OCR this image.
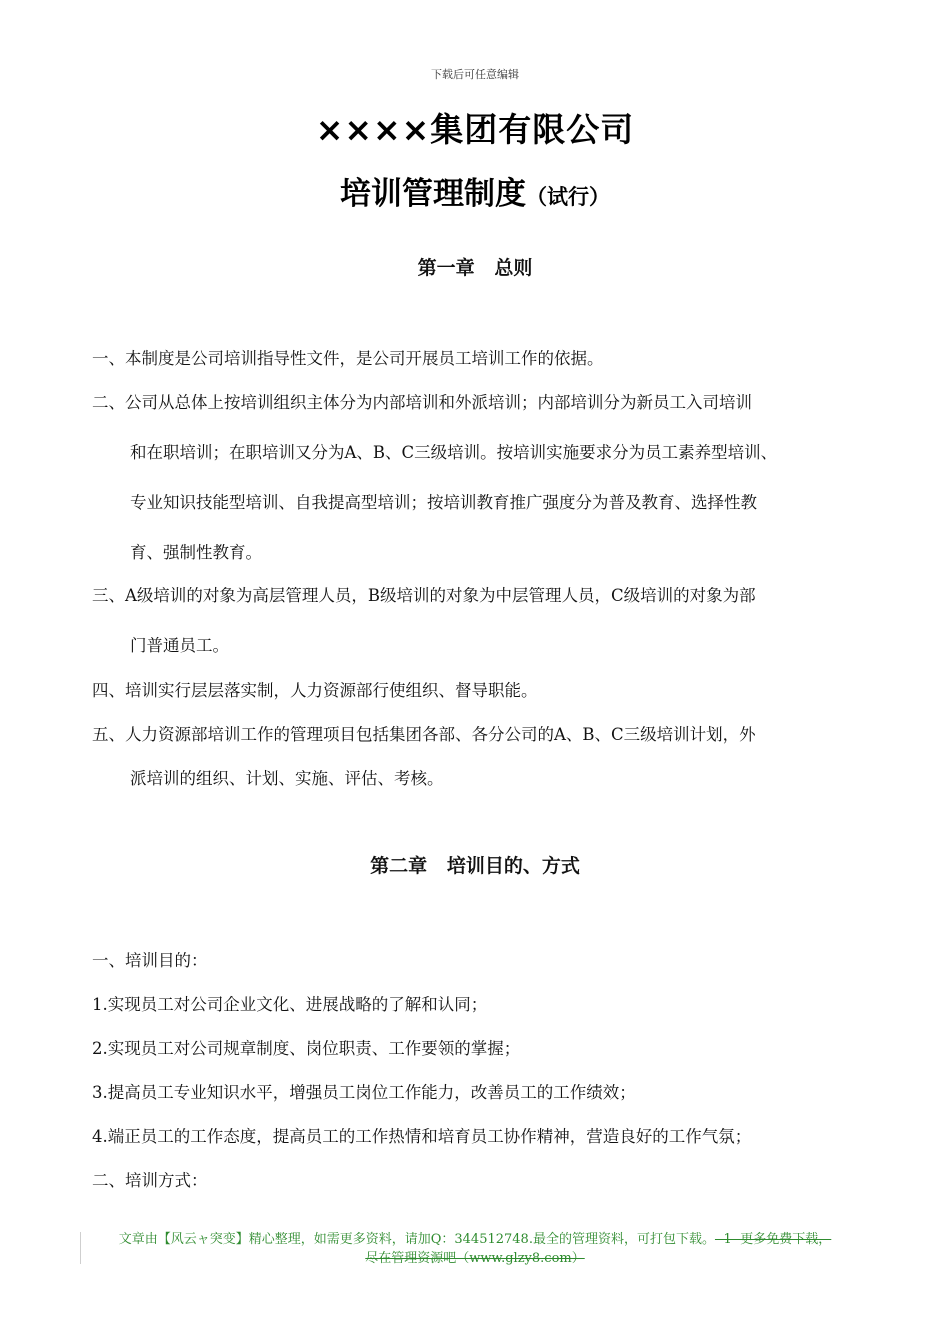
下载后可任意编辑
××××集团有限公司
培训管理制度（试行）
第一章   总则
一、本制度是公司培训指导性文件，是公司开展员工培训工作的依据。
二、公司从总体上按培训组织主体分为内部培训和外派培训；内部培训分为新员工入司培训
和在职培训；在职培训又分为A、B、C三级培训。按培训实施要求分为员工素养型培训、
专业知识技能型培训、自我提高型培训；按培训教育推广强度分为普及教育、选择性教
育、强制性教育。
三、A级培训的对象为高层管理人员，B级培训的对象为中层管理人员，C级培训的对象为部
门普通员工。
四、培训实行层层落实制，人力资源部行使组织、督导职能。
五、人力资源部培训工作的管理项目包括集团各部、各分公司的A、B、C三级培训计划，外
派培训的组织、计划、实施、评估、考核。
第二章   培训目的、方式
一、培训目的：
1.实现员工对公司企业文化、进展战略的了解和认同；
2.实现员工对公司规章制度、岗位职责、工作要领的掌握；
3.提高员工专业知识水平，增强员工岗位工作能力，改善员工的工作绩效；
4.端正员工的工作态度，提高员工的工作热情和培育员工协作精神，营造良好的工作气氛；
二、培训方式：
文章由【风云ャ突变】精心整理，如需更多资料，请加Q：344512748.最全的管理资料，可打包下载。- 1 -更多免费下载，
尽在管理资源吧（www.glzy8.com）
